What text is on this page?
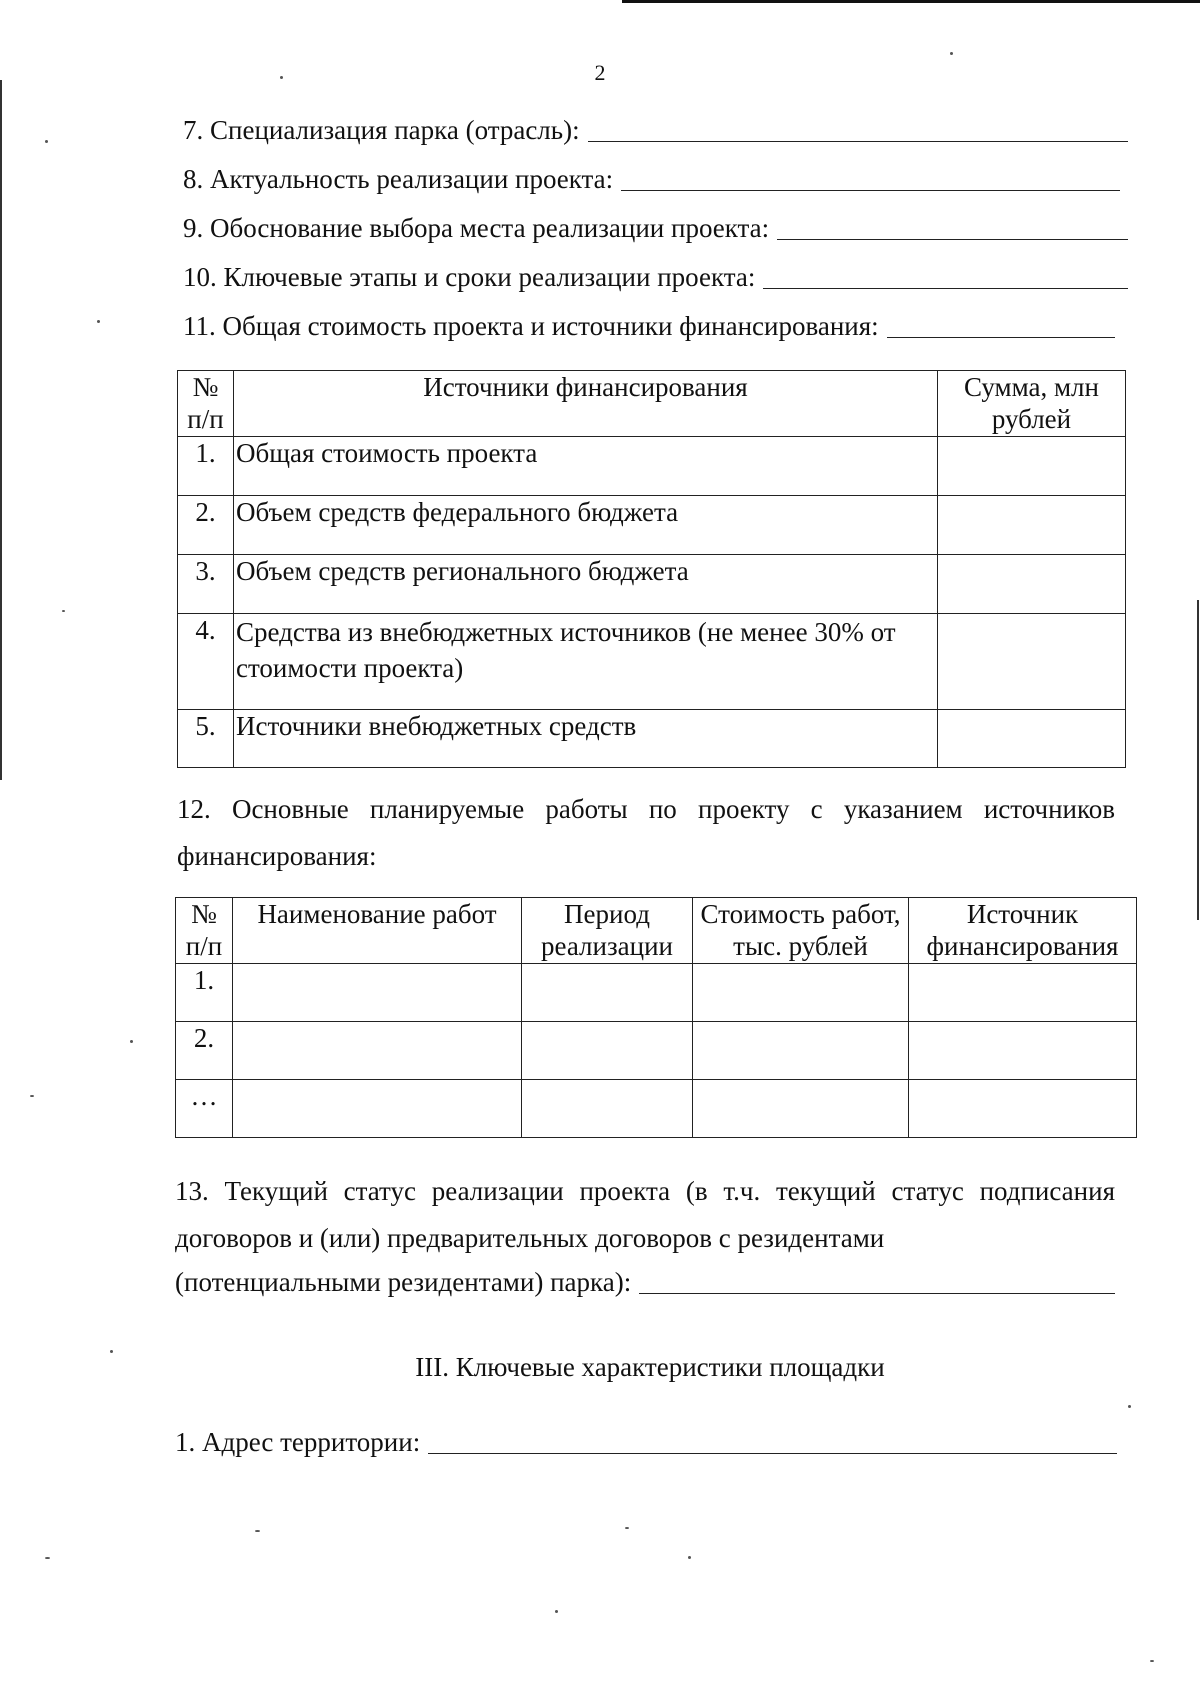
2
7. Специализация парка (отрасль):
8. Актуальность реализации проекта:
9. Обоснование выбора места реализации проекта:
10. Ключевые этапы и сроки реализации проекта:
11. Общая стоимость проекта и источники финансирования:
№ п/п	Источники финансирования	Сумма, млн рублей
1.	Общая стоимость проекта	
2.	Объем средств федерального бюджета	
3.	Объем средств регионального бюджета	
4.	Средства из внебюджетных источников (не менее 30% от стоимости проекта)	
5.	Источники внебюджетных средств	
12. Основные планируемые работы по проекту с указанием источников финансирования:
№ п/п	Наименование работ	Период реализации	Стоимость работ, тыс. рублей	Источник финансирования
1.				
2.				
…				
13. Текущий статус реализации проекта (в т.ч. текущий статус подписания договоров и (или) предварительных договоров с резидентами
(потенциальными резидентами) парка):
III. Ключевые характеристики площадки
1. Адрес территории:
